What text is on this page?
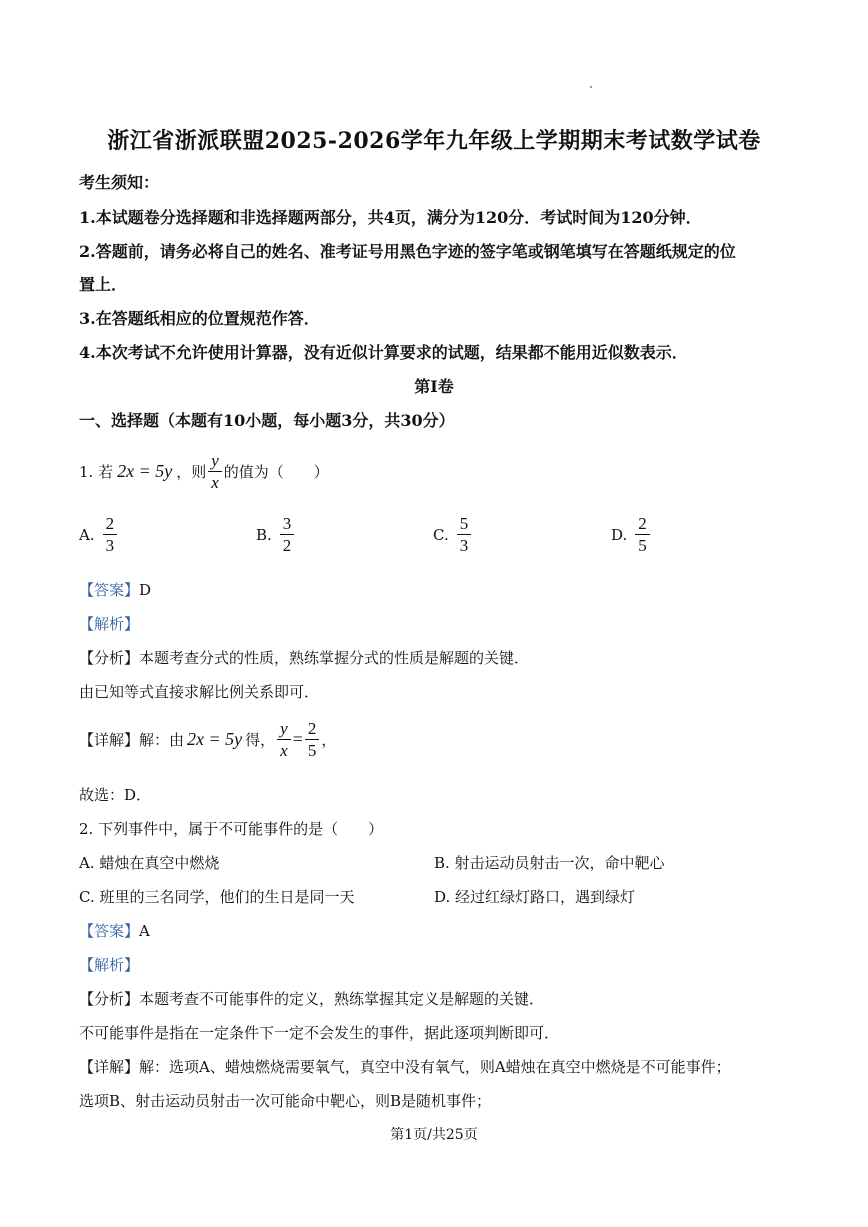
浙江省浙派联盟2025-2026学年九年级上学期期末考试数学试卷
考生须知：
1.本试题卷分选择题和非选择题两部分，共4页，满分为120分．考试时间为120分钟．
2.答题前，请务必将自己的姓名、准考证号用黑色字迹的签字笔或钢笔填写在答题纸规定的位
置上．
3.在答题纸相应的位置规范作答．
4.本次考试不允许使用计算器，没有近似计算要求的试题，结果都不能用近似数表示．
第I卷
一、选择题（本题有10小题，每小题3分，共30分）
1. 若 2x = 5y ，则 $\frac{y}{x}$ 的值为（　　）
A. $\frac{2}{3}$	B. $\frac{3}{2}$	C. $\frac{5}{3}$	D. $\frac{2}{5}$
【答案】D
【解析】
【分析】本题考查分式的性质，熟练掌握分式的性质是解题的关键．
由已知等式直接求解比例关系即可．
【详解】解：由 2x = 5y 得， $\frac{y}{x} = \frac{2}{5}$ ，
故选：D．
2. 下列事件中，属于不可能事件的是（　　）
A. 蜡烛在真空中燃烧	B. 射击运动员射击一次，命中靶心
C. 班里的三名同学，他们的生日是同一天	D. 经过红绿灯路口，遇到绿灯
【答案】A
【解析】
【分析】本题考查不可能事件的定义，熟练掌握其定义是解题的关键．
不可能事件是指在一定条件下一定不会发生的事件，据此逐项判断即可．
【详解】解：选项A、蜡烛燃烧需要氧气，真空中没有氧气，则A蜡烛在真空中燃烧是不可能事件；
选项B、射击运动员射击一次可能命中靶心，则B是随机事件；
第1页/共25页
